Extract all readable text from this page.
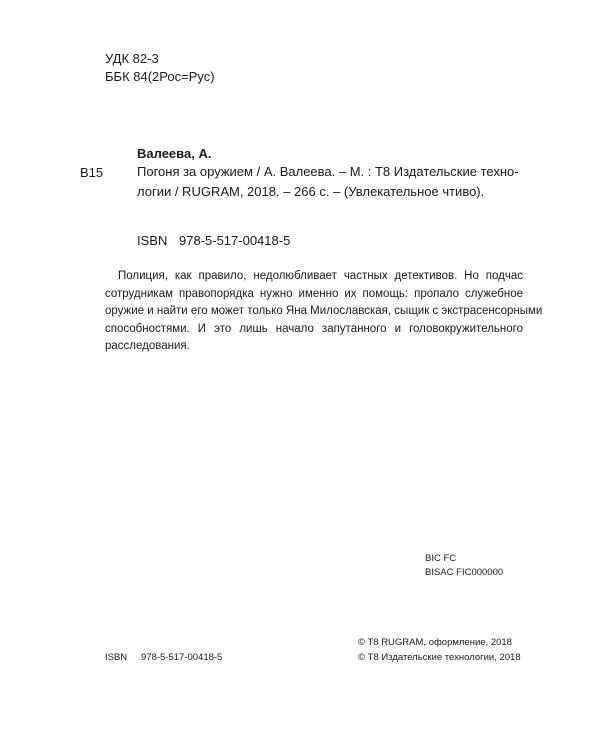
УДК 82-3
ББК 84(2Рос=Рус)
Валеева, А.
В15	Погоня за оружием / А. Валеева. – М. : Т8 Издательские техно-
логии / RUGRAM, 2018. – 266 с. – (Увлекательное чтиво).
ISBN 978-5-517-00418-5
Полиция, как правило, недолюбливает частных детективов. Но подчас
сотрудникам правопорядка нужно именно их помощь: пропало служебное
оружие и найти его может только Яна Милославская, сыщик с экстрасенсорными
способностями. И это лишь начало запутанного и головокружительного
расследования.
BIC FC
BISAC FIC000000
© T8 RUGRAM, оформление, 2018
© Т8 Издательские технологии, 2018
ISBN 978-5-517-00418-5
